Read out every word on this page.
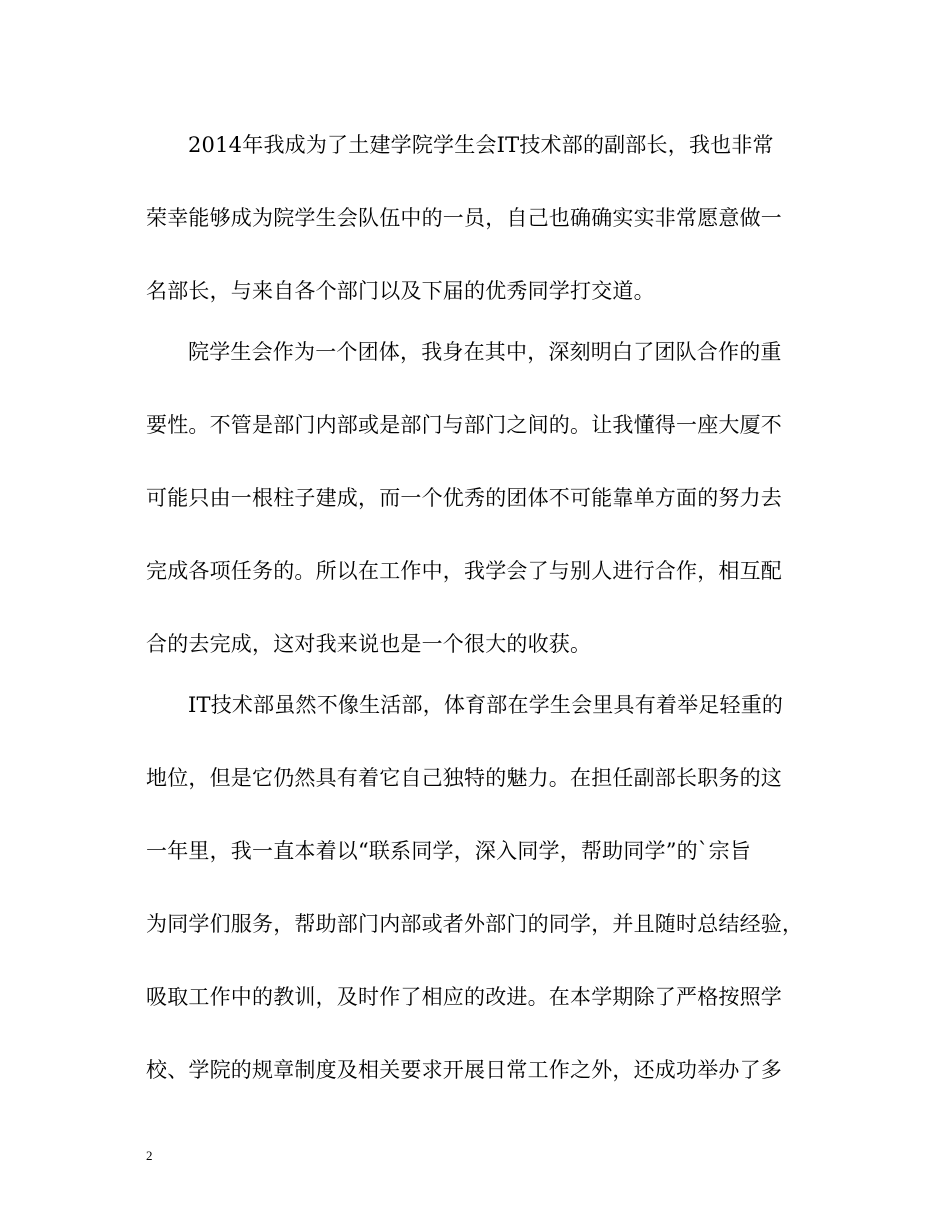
2014年我成为了土建学院学生会IT技术部的副部长，我也非常
荣幸能够成为院学生会队伍中的一员，自己也确确实实非常愿意做一
名部长，与来自各个部门以及下届的优秀同学打交道。
院学生会作为一个团体，我身在其中，深刻明白了团队合作的重
要性。不管是部门内部或是部门与部门之间的。让我懂得一座大厦不
可能只由一根柱子建成，而一个优秀的团体不可能靠单方面的努力去
完成各项任务的。所以在工作中，我学会了与别人进行合作，相互配
合的去完成，这对我来说也是一个很大的收获。
IT技术部虽然不像生活部，体育部在学生会里具有着举足轻重的
地位，但是它仍然具有着它自己独特的魅力。在担任副部长职务的这
一年里，我一直本着以“联系同学，深入同学，帮助同学”的`宗旨
为同学们服务，帮助部门内部或者外部门的同学，并且随时总结经验，
吸取工作中的教训，及时作了相应的改进。在本学期除了严格按照学
校、学院的规章制度及相关要求开展日常工作之外，还成功举办了多
2
